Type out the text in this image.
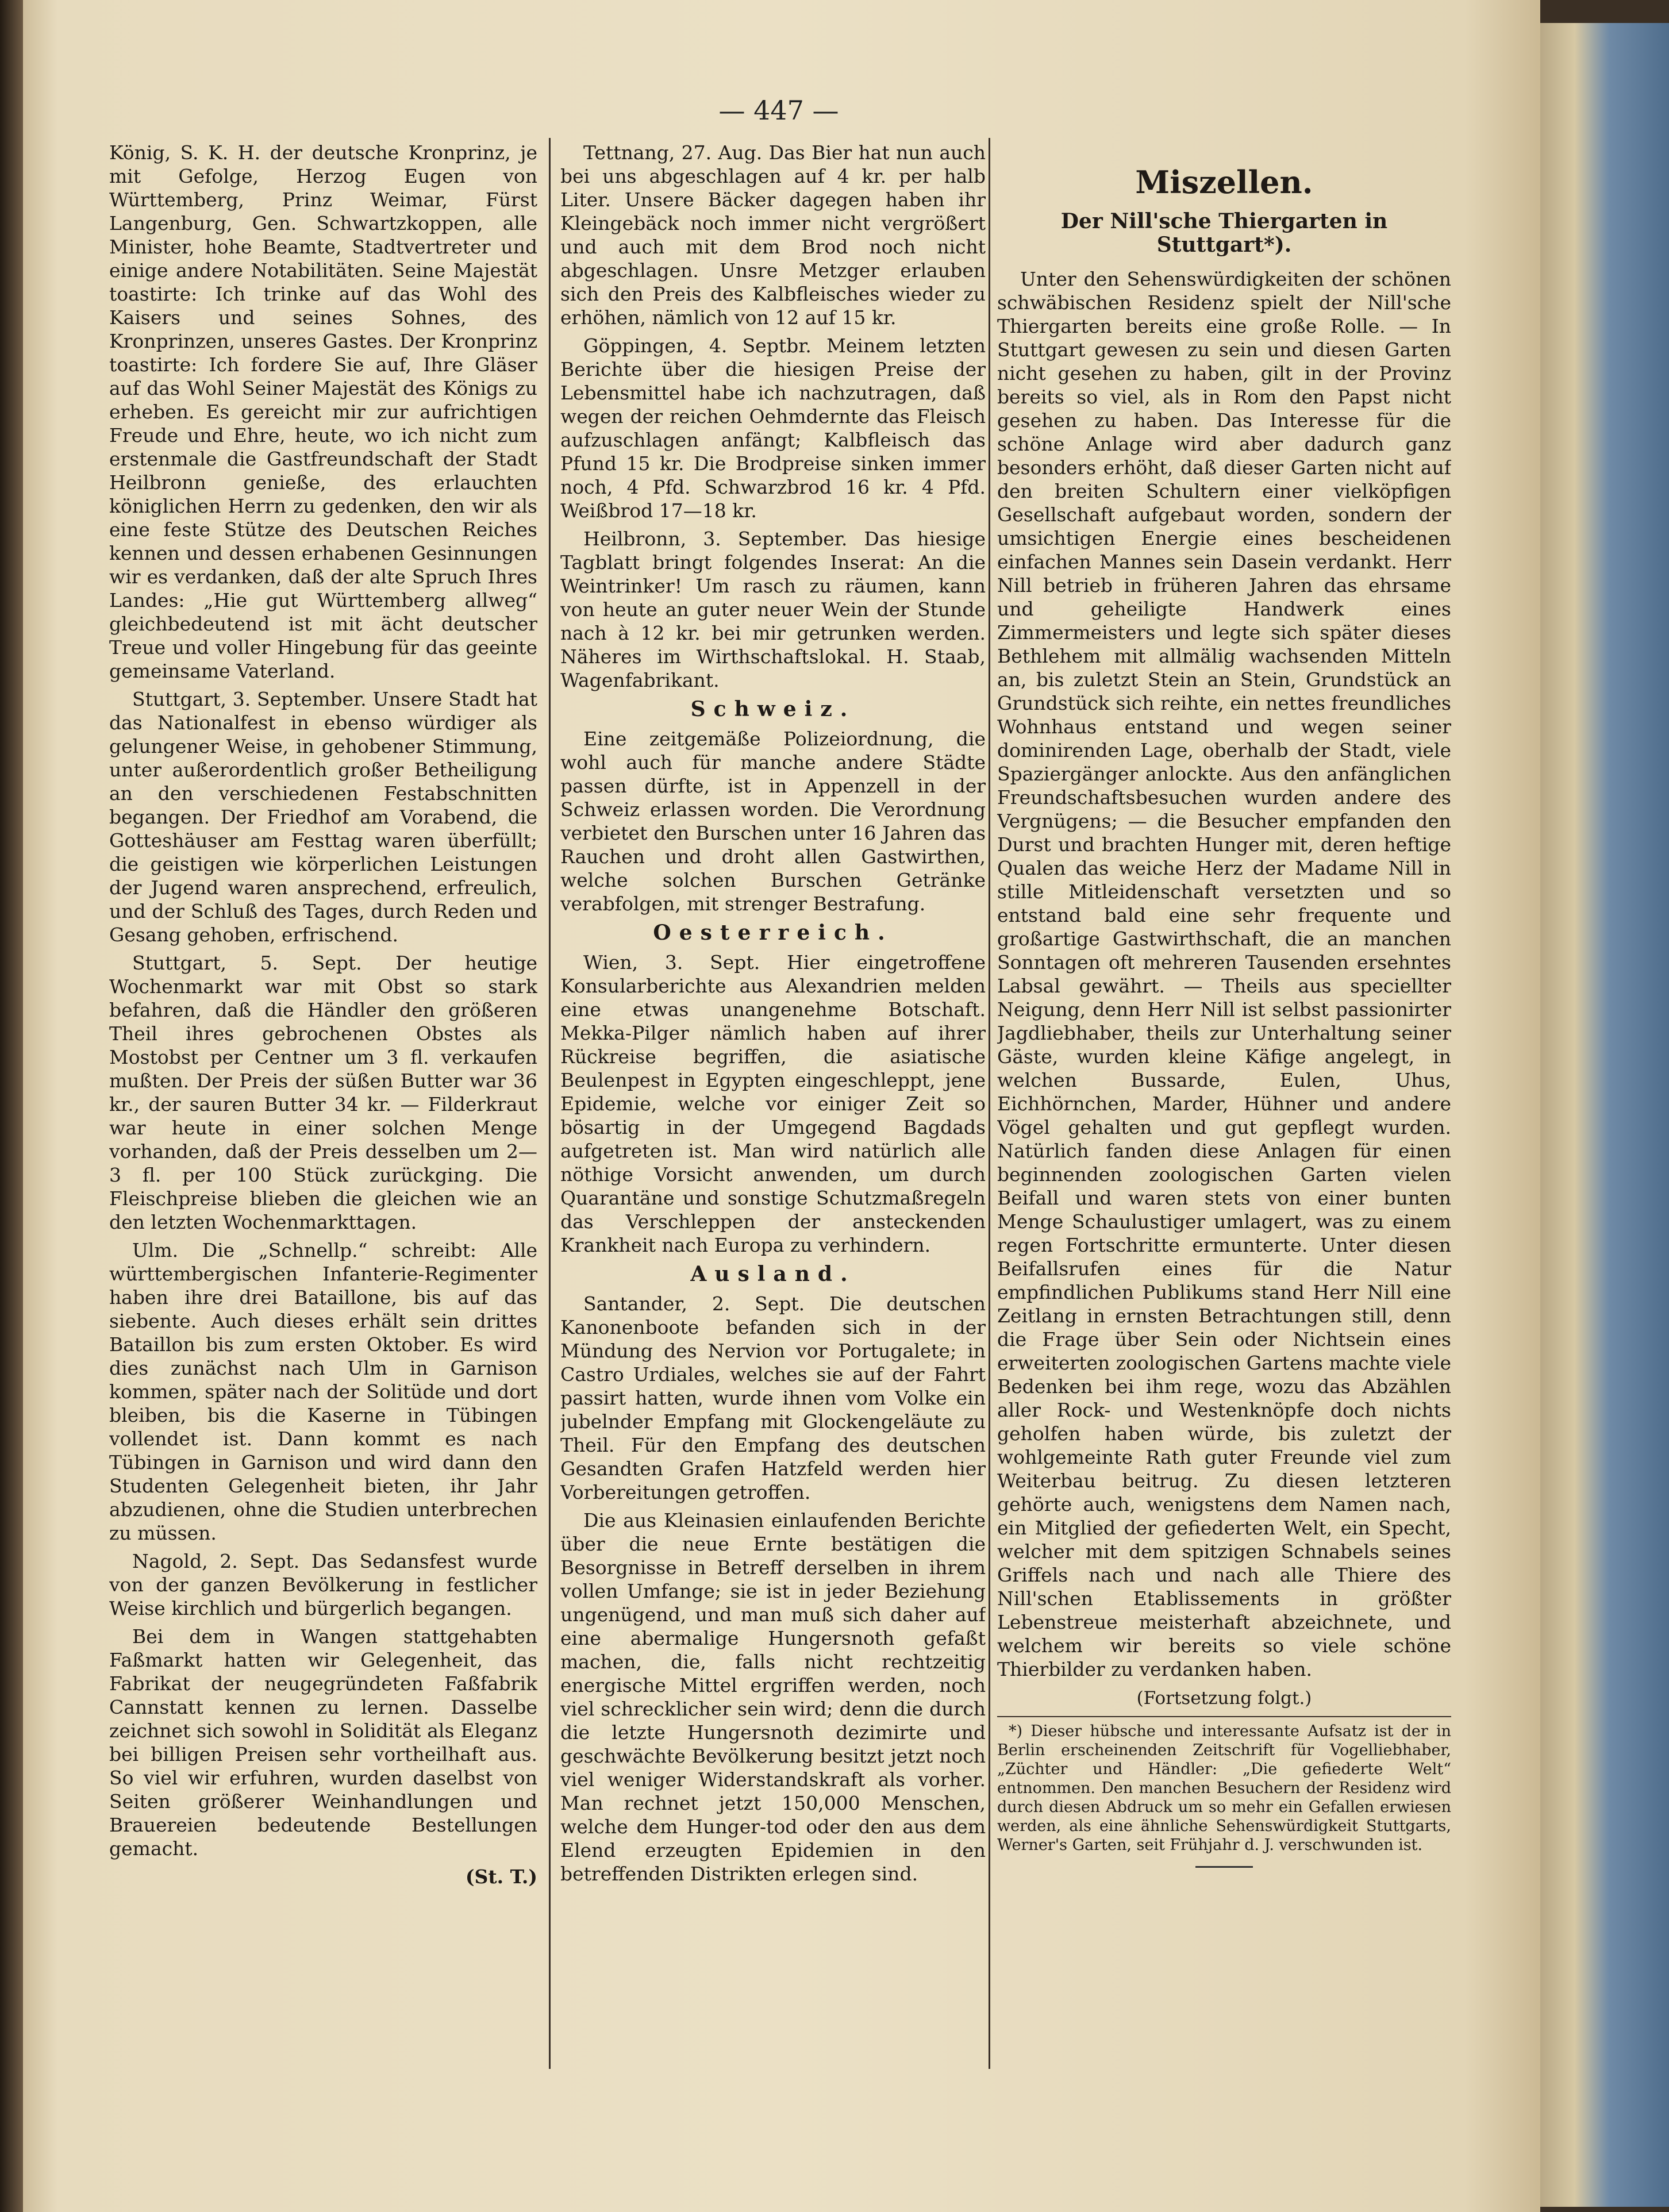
— 447 —

König, S. K. H. der deutsche Kronprinz, je mit Gefolge, Herzog Eugen von Württemberg, Prinz Weimar, Fürst Langenburg, Gen. Schwartzkoppen, alle Minister, hohe Beamte, Stadtvertreter und einige andere Notabilitäten. Seine Majestät toastirte: Ich trinke auf das Wohl des Kaisers und seines Sohnes, des Kronprinzen, unseres Gastes. Der Kronprinz toastirte: Ich fordere Sie auf, Ihre Gläser auf das Wohl Seiner Majestät des Königs zu erheben. Es gereicht mir zur aufrichtigen Freude und Ehre, heute, wo ich nicht zum erstenmale die Gastfreundschaft der Stadt Heilbronn genieße, des erlauchten königlichen Herrn zu gedenken, den wir als eine feste Stütze des Deutschen Reiches kennen und dessen erhabenen Gesinnungen wir es verdanken, daß der alte Spruch Ihres Landes: „Hie gut Württemberg allweg“ gleichbedeutend ist mit ächt deutscher Treue und voller Hingebung für das geeinte gemeinsame Vaterland.

Stuttgart, 3. September. Unsere Stadt hat das Nationalfest in ebenso würdiger als gelungener Weise, in gehobener Stimmung, unter außerordentlich großer Betheiligung an den verschiedenen Festabschnitten begangen. Der Friedhof am Vorabend, die Gotteshäuser am Festtag waren überfüllt; die geistigen wie körperlichen Leistungen der Jugend waren ansprechend, erfreulich, und der Schluß des Tages, durch Reden und Gesang gehoben, erfrischend.

Stuttgart, 5. Sept. Der heutige Wochenmarkt war mit Obst so stark befahren, daß die Händler den größeren Theil ihres gebrochenen Obstes als Mostobst per Centner um 3 fl. verkaufen mußten. Der Preis der süßen Butter war 36 kr., der sauren Butter 34 kr. — Filderkraut war heute in einer solchen Menge vorhanden, daß der Preis desselben um 2—3 fl. per 100 Stück zurückging. Die Fleischpreise blieben die gleichen wie an den letzten Wochenmarkttagen.

Ulm. Die „Schnellp.“ schreibt: Alle württembergischen Infanterie-Regimenter haben ihre drei Bataillone, bis auf das siebente. Auch dieses erhält sein drittes Bataillon bis zum ersten Oktober. Es wird dies zunächst nach Ulm in Garnison kommen, später nach der Solitüde und dort bleiben, bis die Kaserne in Tübingen vollendet ist. Dann kommt es nach Tübingen in Garnison und wird dann den Studenten Gelegenheit bieten, ihr Jahr abzudienen, ohne die Studien unterbrechen zu müssen.

Nagold, 2. Sept. Das Sedansfest wurde von der ganzen Bevölkerung in festlicher Weise kirchlich und bürgerlich begangen.

Bei dem in Wangen stattgehabten Faßmarkt hatten wir Gelegenheit, das Fabrikat der neugegründeten Faßfabrik Cannstatt kennen zu lernen. Dasselbe zeichnet sich sowohl in Solidität als Eleganz bei billigen Preisen sehr vortheilhaft aus. So viel wir erfuhren, wurden daselbst von Seiten größerer Weinhandlungen und Brauereien bedeutende Bestellungen gemacht.

(St. T.)

Tettnang, 27. Aug. Das Bier hat nun auch bei uns abgeschlagen auf 4 kr. per halb Liter. Unsere Bäcker dagegen haben ihr Kleingebäck noch immer nicht vergrößert und auch mit dem Brod noch nicht abgeschlagen. Unsre Metzger erlauben sich den Preis des Kalbfleisches wieder zu erhöhen, nämlich von 12 auf 15 kr.

Göppingen, 4. Septbr. Meinem letzten Berichte über die hiesigen Preise der Lebensmittel habe ich nachzutragen, daß wegen der reichen Oehmdernte das Fleisch aufzuschlagen anfängt; Kalbfleisch das Pfund 15 kr. Die Brodpreise sinken immer noch, 4 Pfd. Schwarzbrod 16 kr. 4 Pfd. Weißbrod 17—18 kr.

Heilbronn, 3. September. Das hiesige Tagblatt bringt folgendes Inserat: An die Weintrinker! Um rasch zu räumen, kann von heute an guter neuer Wein der Stunde nach à 12 kr. bei mir getrunken werden. Näheres im Wirthschaftslokal. H. Staab, Wagenfabrikant.

Schweiz.

Eine zeitgemäße Polizeiordnung, die wohl auch für manche andere Städte passen dürfte, ist in Appenzell in der Schweiz erlassen worden. Die Verordnung verbietet den Burschen unter 16 Jahren das Rauchen und droht allen Gastwirthen, welche solchen Burschen Getränke verabfolgen, mit strenger Bestrafung.

Oesterreich.

Wien, 3. Sept. Hier eingetroffene Konsularberichte aus Alexandrien melden eine etwas unangenehme Botschaft. Mekka-Pilger nämlich haben auf ihrer Rückreise begriffen, die asiatische Beulenpest in Egypten eingeschleppt, jene Epidemie, welche vor einiger Zeit so bösartig in der Umgegend Bagdads aufgetreten ist. Man wird natürlich alle nöthige Vorsicht anwenden, um durch Quarantäne und sonstige Schutzmaßregeln das Verschleppen der ansteckenden Krankheit nach Europa zu verhindern.

Ausland.

Santander, 2. Sept. Die deutschen Kanonenboote befanden sich in der Mündung des Nervion vor Portugalete; in Castro Urdiales, welches sie auf der Fahrt passirt hatten, wurde ihnen vom Volke ein jubelnder Empfang mit Glockengeläute zu Theil. Für den Empfang des deutschen Gesandten Grafen Hatzfeld werden hier Vorbereitungen getroffen.

Die aus Kleinasien einlaufenden Berichte über die neue Ernte bestätigen die Besorgnisse in Betreff derselben in ihrem vollen Umfange; sie ist in jeder Beziehung ungenügend, und man muß sich daher auf eine abermalige Hungersnoth gefaßt machen, die, falls nicht rechtzeitig energische Mittel ergriffen werden, noch viel schrecklicher sein wird; denn die durch die letzte Hungersnoth dezimirte und geschwächte Bevölkerung besitzt jetzt noch viel weniger Widerstandskraft als vorher. Man rechnet jetzt 150,000 Menschen, welche dem Hunger-tod oder den aus dem Elend erzeugten Epidemien in den betreffenden Distrikten erlegen sind.

Miszellen.
Der Nill'sche Thiergarten in Stuttgart*).

Unter den Sehenswürdigkeiten der schönen schwäbischen Residenz spielt der Nill'sche Thiergarten bereits eine große Rolle. — In Stuttgart gewesen zu sein und diesen Garten nicht gesehen zu haben, gilt in der Provinz bereits so viel, als in Rom den Papst nicht gesehen zu haben. Das Interesse für die schöne Anlage wird aber dadurch ganz besonders erhöht, daß dieser Garten nicht auf den breiten Schultern einer vielköpfigen Gesellschaft aufgebaut worden, sondern der umsichtigen Energie eines bescheidenen einfachen Mannes sein Dasein verdankt. Herr Nill betrieb in früheren Jahren das ehrsame und geheiligte Handwerk eines Zimmermeisters und legte sich später dieses Bethlehem mit allmälig wachsenden Mitteln an, bis zuletzt Stein an Stein, Grundstück an Grundstück sich reihte, ein nettes freundliches Wohnhaus entstand und wegen seiner dominirenden Lage, oberhalb der Stadt, viele Spaziergänger anlockte. Aus den anfänglichen Freundschaftsbesuchen wurden andere des Vergnügens; — die Besucher empfanden den Durst und brachten Hunger mit, deren heftige Qualen das weiche Herz der Madame Nill in stille Mitleidenschaft versetzten und so entstand bald eine sehr frequente und großartige Gastwirthschaft, die an manchen Sonntagen oft mehreren Tausenden ersehntes Labsal gewährt. — Theils aus speciellter Neigung, denn Herr Nill ist selbst passionirter Jagdliebhaber, theils zur Unterhaltung seiner Gäste, wurden kleine Käfige angelegt, in welchen Bussarde, Eulen, Uhus, Eichhörnchen, Marder, Hühner und andere Vögel gehalten und gut gepflegt wurden. Natürlich fanden diese Anlagen für einen beginnenden zoologischen Garten vielen Beifall und waren stets von einer bunten Menge Schaulustiger umlagert, was zu einem regen Fortschritte ermunterte. Unter diesen Beifallsrufen eines für die Natur empfindlichen Publikums stand Herr Nill eine Zeitlang in ernsten Betrachtungen still, denn die Frage über Sein oder Nichtsein eines erweiterten zoologischen Gartens machte viele Bedenken bei ihm rege, wozu das Abzählen aller Rock- und Westenknöpfe doch nichts geholfen haben würde, bis zuletzt der wohlgemeinte Rath guter Freunde viel zum Weiterbau beitrug. Zu diesen letzteren gehörte auch, wenigstens dem Namen nach, ein Mitglied der gefiederten Welt, ein Specht, welcher mit dem spitzigen Schnabels seines Griffels nach und nach alle Thiere des Nill'schen Etablissements in größter Lebenstreue meisterhaft abzeichnete, und welchem wir bereits so viele schöne Thierbilder zu verdanken haben.

(Fortsetzung folgt.)

*) Dieser hübsche und interessante Aufsatz ist der in Berlin erscheinenden Zeitschrift für Vogelliebhaber, „Züchter und Händler: „Die gefiederte Welt“ entnommen. Den manchen Besuchern der Residenz wird durch diesen Abdruck um so mehr ein Gefallen erwiesen werden, als eine ähnliche Sehenswürdigkeit Stuttgarts, Werner's Garten, seit Frühjahr d. J. verschwunden ist.
